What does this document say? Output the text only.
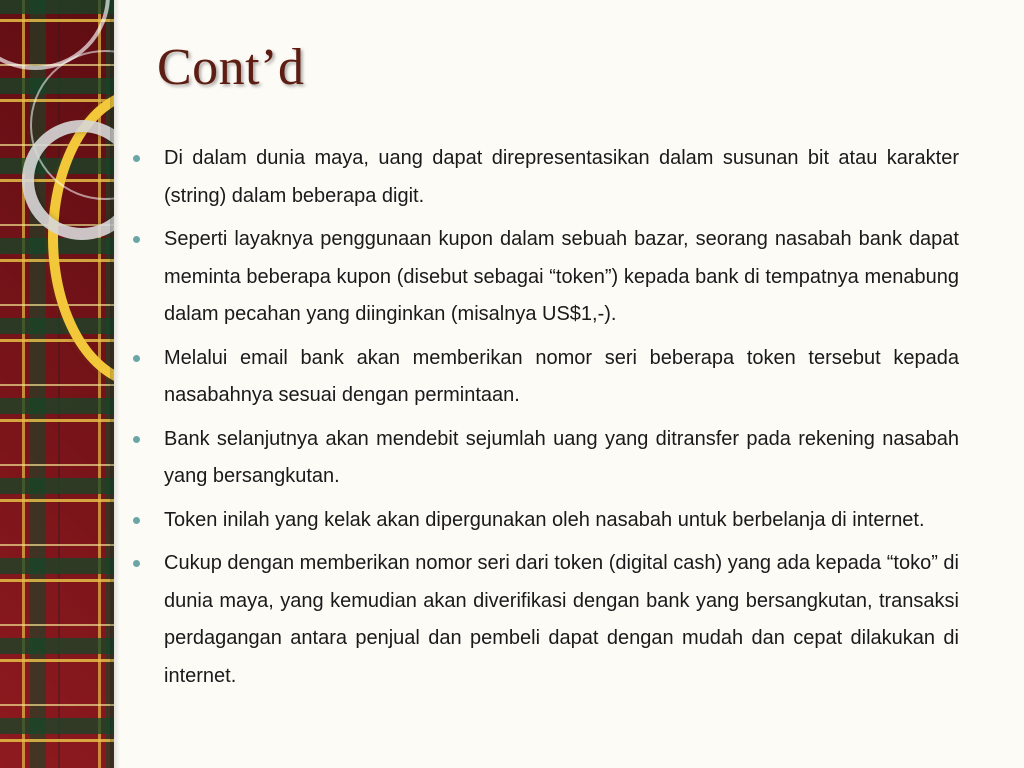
Cont’d
Di dalam dunia maya, uang dapat direpresentasikan dalam susunan bit atau karakter (string) dalam beberapa digit.
Seperti layaknya penggunaan kupon dalam sebuah bazar, seorang nasabah bank dapat meminta beberapa kupon (disebut sebagai “token”) kepada bank di tempatnya menabung dalam pecahan yang diinginkan (misalnya US$1,-).
Melalui email bank akan memberikan nomor seri beberapa token tersebut kepada nasabahnya sesuai dengan permintaan.
Bank selanjutnya akan mendebit sejumlah uang yang ditransfer pada rekening nasabah yang bersangkutan.
Token inilah yang kelak akan dipergunakan oleh nasabah untuk berbelanja di internet.
Cukup dengan memberikan nomor seri dari token (digital cash) yang ada kepada “toko” di dunia maya, yang kemudian akan diverifikasi dengan bank yang bersangkutan, transaksi perdagangan antara penjual dan pembeli dapat dengan mudah dan cepat dilakukan di internet.
